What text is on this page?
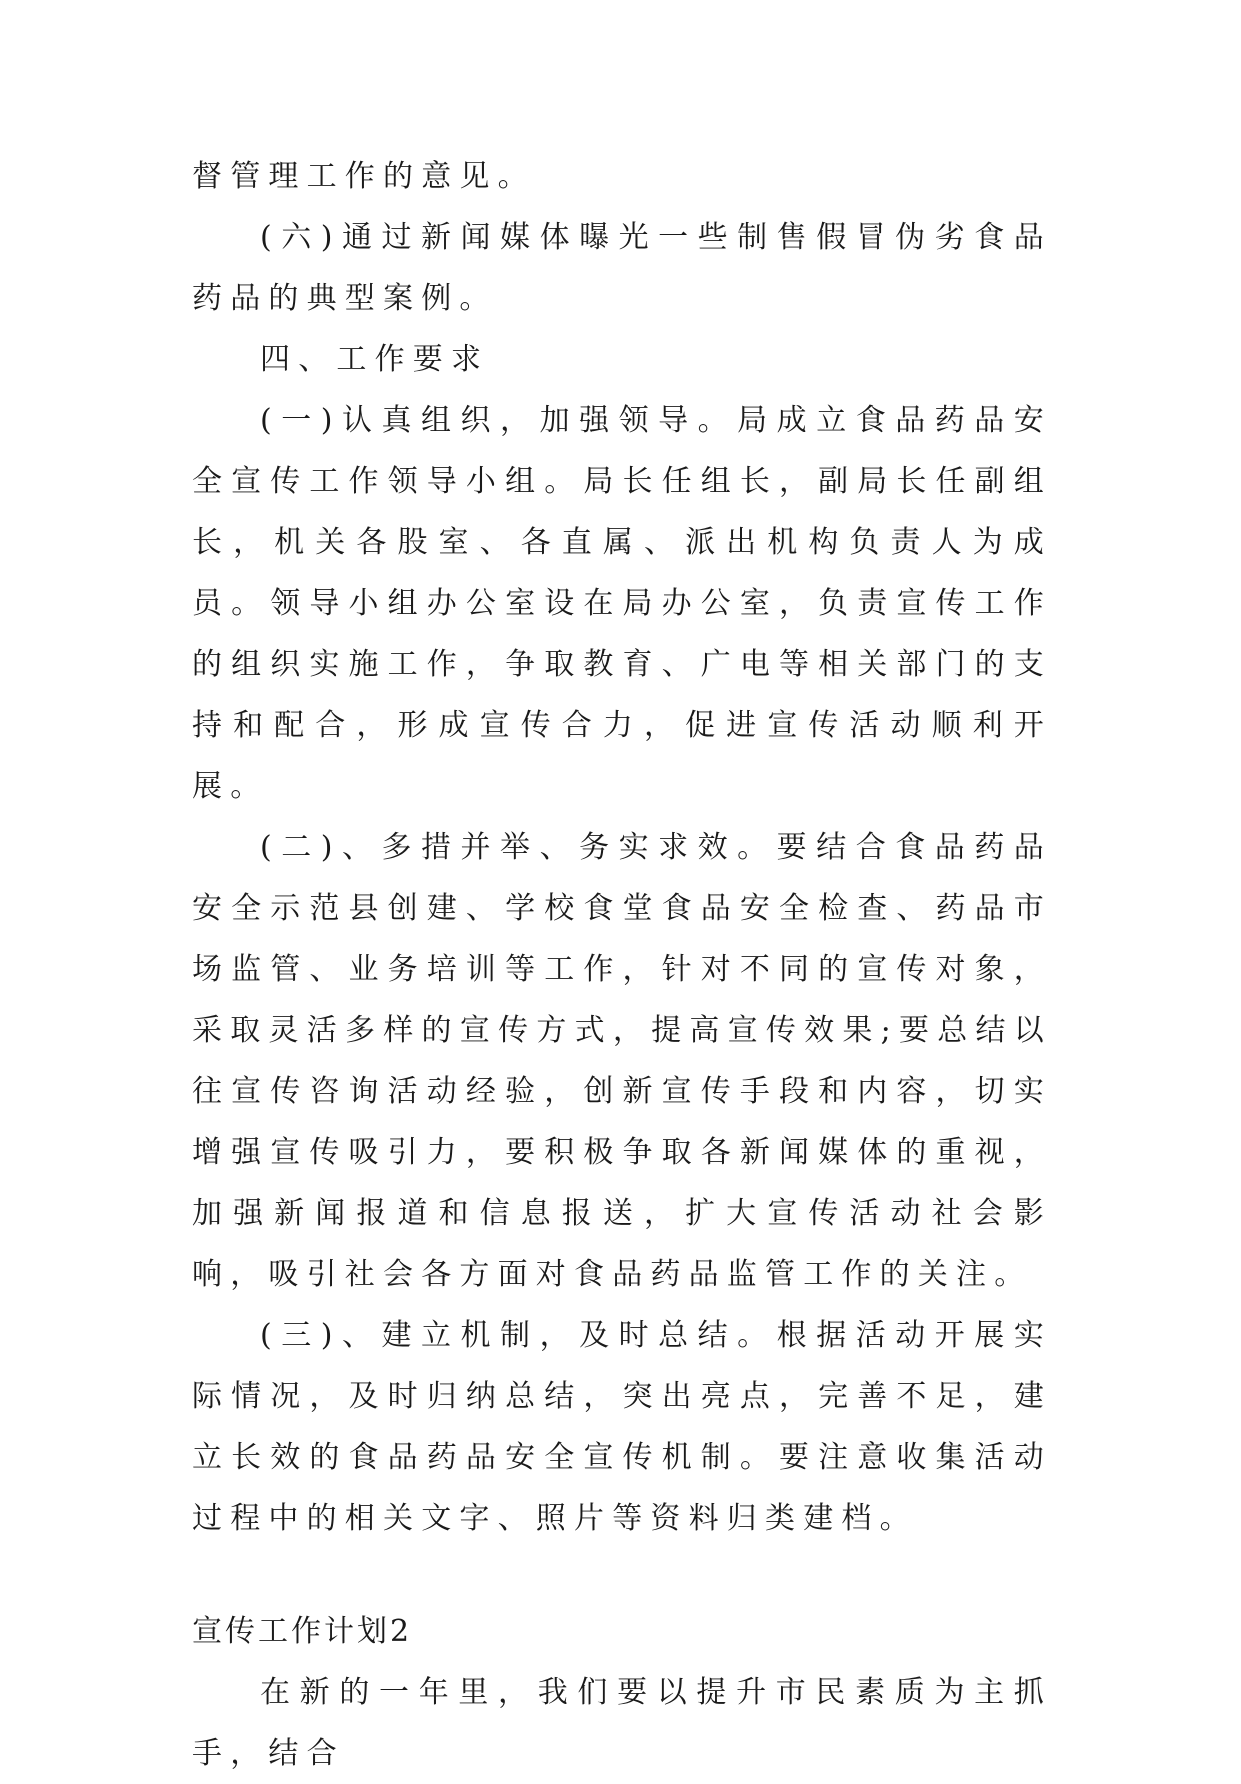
督管理工作的意见。

(六)通过新闻媒体曝光一些制售假冒伪劣食品药品的典型案例。

四、工作要求

(一)认真组织，加强领导。局成立食品药品安全宣传工作领导小组。局长任组长，副局长任副组长，机关各股室、各直属、派出机构负责人为成员。领导小组办公室设在局办公室，负责宣传工作的组织实施工作，争取教育、广电等相关部门的支持和配合，形成宣传合力，促进宣传活动顺利开展。

(二)、多措并举、务实求效。要结合食品药品安全示范县创建、学校食堂食品安全检查、药品市场监管、业务培训等工作，针对不同的宣传对象，采取灵活多样的宣传方式，提高宣传效果;要总结以往宣传咨询活动经验，创新宣传手段和内容，切实增强宣传吸引力，要积极争取各新闻媒体的重视，加强新闻报道和信息报送，扩大宣传活动社会影响，吸引社会各方面对食品药品监管工作的关注。

(三)、建立机制，及时总结。根据活动开展实际情况，及时归纳总结，突出亮点，完善不足，建立长效的食品药品安全宣传机制。要注意收集活动过程中的相关文字、照片等资料归类建档。

宣传工作计划2

在新的一年里，我们要以提升市民素质为主抓手，结合
